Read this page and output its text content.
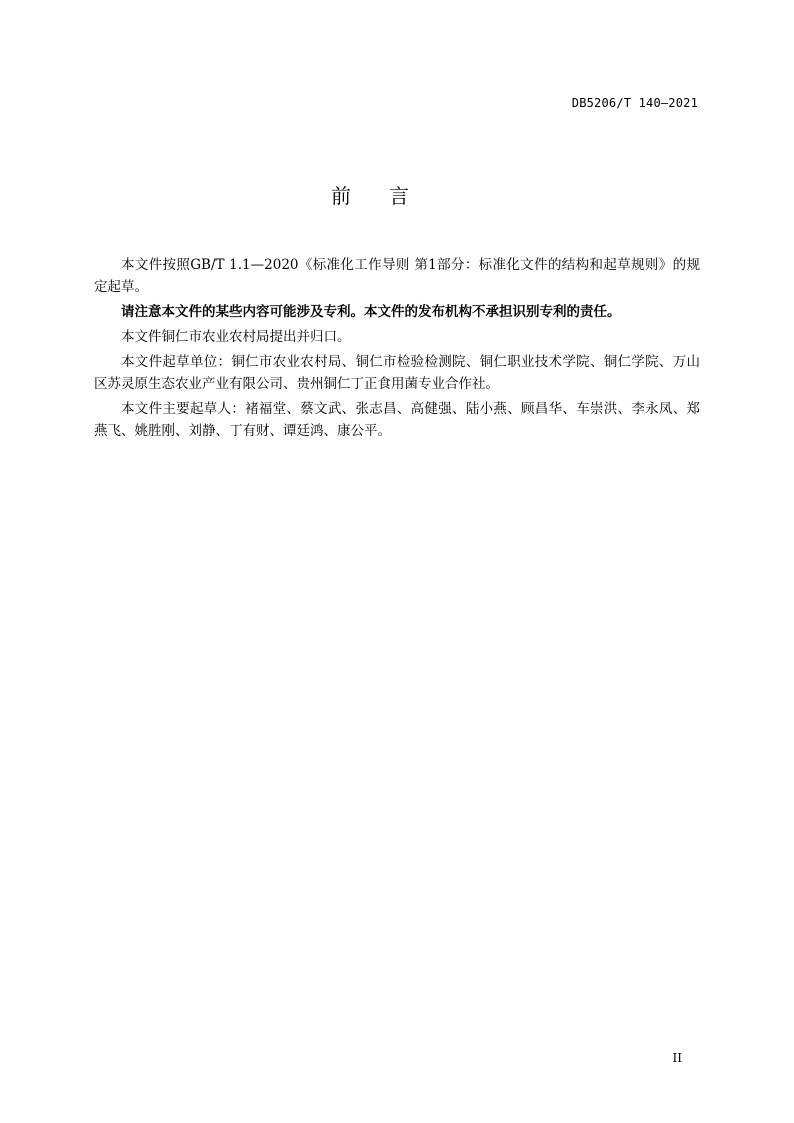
DB5206/T 140—2021
前言

本文件按照GB/T 1.1—2020《标准化工作导则 第1部分：标准化文件的结构和起草规则》的规定起草。

请注意本文件的某些内容可能涉及专利。本文件的发布机构不承担识别专利的责任。

本文件铜仁市农业农村局提出并归口。

本文件起草单位：铜仁市农业农村局、铜仁市检验检测院、铜仁职业技术学院、铜仁学院、万山区苏灵原生态农业产业有限公司、贵州铜仁丁正食用菌专业合作社。

本文件主要起草人：褚福堂、蔡文武、张志昌、高健强、陆小燕、顾昌华、车崇洪、李永凤、郑燕飞、姚胜刚、刘静、丁有财、谭廷鸿、康公平。

II
